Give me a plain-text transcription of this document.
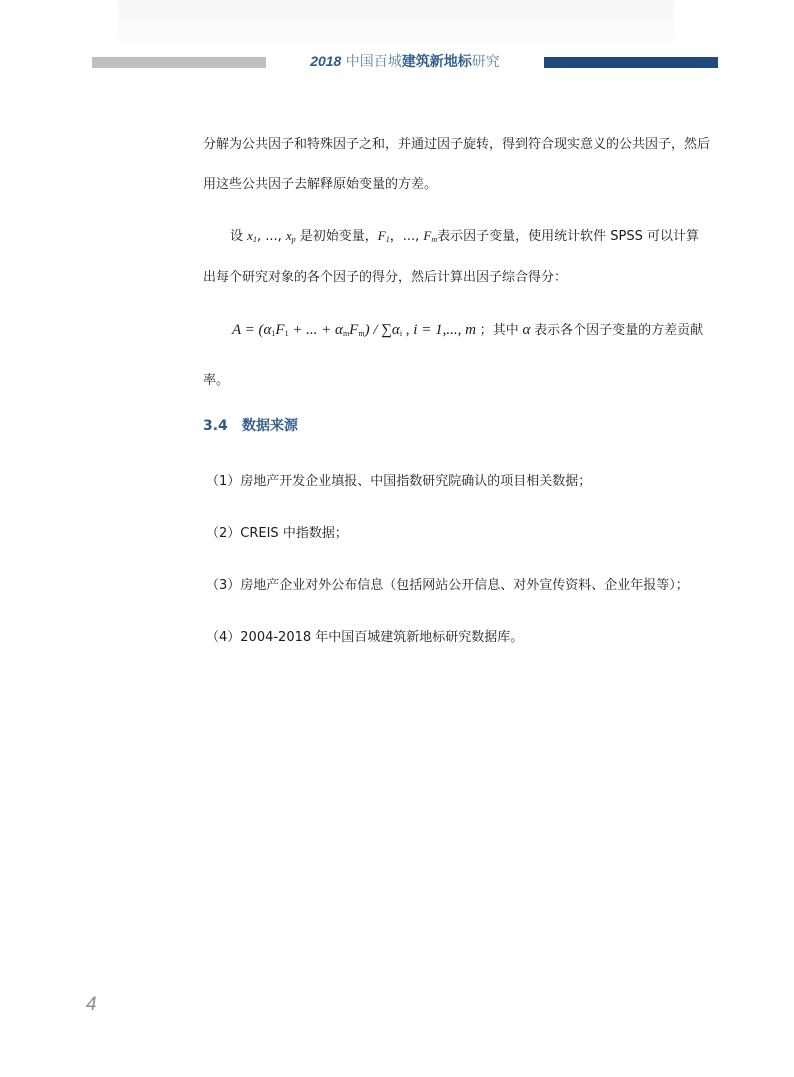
2018 中国百城建筑新地标研究
分解为公共因子和特殊因子之和，并通过因子旋转，得到符合现实意义的公共因子，然后
用这些公共因子去解释原始变量的方差。
设 $x_1$, ..., $x_p$ 是初始变量，$F_1$，..., $F_m$表示因子变量，使用统计软件 SPSS 可以计算
出每个研究对象的各个因子的得分，然后计算出因子综合得分：
$A = (\alpha_1F_1$ + ... + $\alpha_mF_m) / \sum\alpha_i$ , i = 1,..., m ；其中 α 表示各个因子变量的方差贡献
率。
3.4 数据来源
（1）房地产开发企业填报、中国指数研究院确认的项目相关数据；
（2）CREIS 中指数据；
（3）房地产企业对外公布信息（包括网站公开信息、对外宣传资料、企业年报等）；
（4）2004-2018 年中国百城建筑新地标研究数据库。
4
